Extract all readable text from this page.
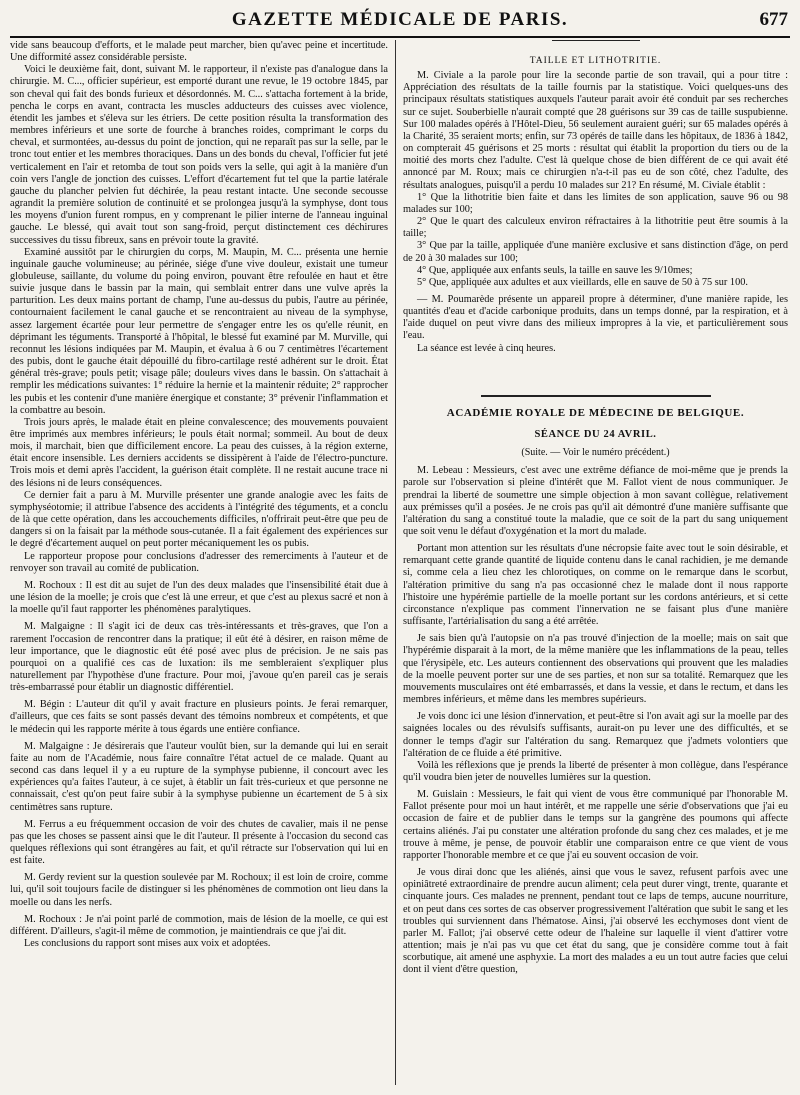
GAZETTE MÉDICALE DE PARIS.	677

vide sans beaucoup d'efforts, et le malade peut marcher, bien qu'avec peine et incertitude. Une difformité assez considérable persiste.

Voici le deuxième fait, dont, suivant M. le rapporteur, il n'existe pas d'analogue dans la chirurgie. M. C..., officier supérieur, est emporté durant une revue, le 19 octobre 1845, par son cheval qui fait des bonds furieux et désordonnés. M. C... s'attacha fortement à la bride, pencha le corps en avant, contracta les muscles adducteurs des cuisses avec violence, étendit les jambes et s'éleva sur les étriers. De cette position résulta la transformation des membres inférieurs et une sorte de fourche à branches roides, comprimant le corps du cheval, et surmontées, au-dessus du point de jonction, qui ne reparaît pas sur la selle, par le tronc tout entier et les membres thoraciques. Dans un des bonds du cheval, l'officier fut jeté verticalement en l'air et retomba de tout son poids vers la selle, qui agit à la manière d'un coin vers l'angle de jonction des cuisses. L'effort d'écartement fut tel que la partie latérale gauche du plancher pelvien fut déchirée, la peau restant intacte. Une seconde secousse agrandit la première solution de continuité et se prolongea jusqu'à la symphyse, dont tous les moyens d'union furent rompus, en y comprenant le pilier interne de l'anneau inguinal gauche. Le blessé, qui avait tout son sang-froid, perçut distinctement ces déchirures successives du tissu fibreux, sans en prévoir toute la gravité.

Examiné aussitôt par le chirurgien du corps, M. Maupin, M. C... présenta une hernie inguinale gauche volumineuse; au périnée, siége d'une vive douleur, existait une tumeur globuleuse, saillante, du volume du poing environ, pouvant être refoulée en haut et être suivie jusque dans le bassin par la main, qui semblait entrer dans une vulve après la parturition. Les deux mains portant de champ, l'une au-dessus du pubis, l'autre au périnée, contournaient facilement le canal gauche et se rencontraient au niveau de la symphyse, assez largement écartée pour leur permettre de s'engager entre les os qu'elle réunit, en déprimant les téguments. Transporté à l'hôpital, le blessé fut examiné par M. Murville, qui reconnut les lésions indiquées par M. Maupin, et évalua à 6 ou 7 centimètres l'écartement des pubis, dont le gauche était dépouillé du fibro-cartilage resté adhérent sur le droit. État général très-grave; pouls petit; visage pâle; douleurs vives dans le bassin. On s'attachait à remplir les médications suivantes: 1° réduire la hernie et la maintenir réduite; 2° rapprocher les pubis et les contenir d'une manière énergique et constante; 3° prévenir l'inflammation et la combattre au besoin.

Trois jours après, le malade était en pleine convalescence; des mouvements pouvaient être imprimés aux membres inférieurs; le pouls était normal; sommeil. Au bout de deux mois, il marchait, bien que difficilement encore. La peau des cuisses, à la région externe, était encore insensible. Les derniers accidents se dissipèrent à l'aide de l'électro-puncture. Trois mois et demi après l'accident, la guérison était complète. Il ne restait aucune trace ni des lésions ni de leurs conséquences.

Ce dernier fait a paru à M. Murville présenter une grande analogie avec les faits de symphyséotomie; il attribue l'absence des accidents à l'intégrité des téguments, et a conclu de là que cette opération, dans les accouchements difficiles, n'offrirait peut-être que peu de dangers si on la faisait par la méthode sous-cutanée. Il a fait également des expériences sur le degré d'écartement auquel on peut porter mécaniquement les os pubis.

Le rapporteur propose pour conclusions d'adresser des remerciments à l'auteur et de renvoyer son travail au comité de publication.

M. Rochoux : Il est dit au sujet de l'un des deux malades que l'insensibilité était due à une lésion de la moelle; je crois que c'est là une erreur, et que c'est au plexus sacré et non à la moelle qu'il faut rapporter les phénomènes paralytiques.

M. Malgaigne : Il s'agit ici de deux cas très-intéressants et très-graves, que l'on a rarement l'occasion de rencontrer dans la pratique; il eût été à désirer, en raison même de leur importance, que le diagnostic eût été posé avec plus de précision. Je ne sais pas pourquoi on a qualifié ces cas de luxation: ils me sembleraient s'expliquer plus naturellement par l'hypothèse d'une fracture. Pour moi, j'avoue qu'en pareil cas je serais très-embarrassé pour établir un diagnostic différentiel.

M. Bégin : L'auteur dit qu'il y avait fracture en plusieurs points. Je ferai remarquer, d'ailleurs, que ces faits se sont passés devant des témoins nombreux et compétents, et que le médecin qui les rapporte mérite à tous égards une entière confiance.

M. Malgaigne : Je désirerais que l'auteur voulût bien, sur la demande qui lui en serait faite au nom de l'Académie, nous faire connaître l'état actuel de ce malade. Quant au second cas dans lequel il y a eu rupture de la symphyse pubienne, il concourt avec les expériences qu'a faites l'auteur, à ce sujet, à établir un fait très-curieux et que personne ne connaissait, c'est qu'on peut faire subir à la symphyse pubienne un écartement de 5 à six centimètres sans rupture.

M. Ferrus a eu fréquemment occasion de voir des chutes de cavalier, mais il ne pense pas que les choses se passent ainsi que le dit l'auteur. Il présente à l'occasion du second cas quelques réflexions qui sont étrangères au fait, et qu'il rétracte sur l'observation qui lui en est faite.

M. Gerdy revient sur la question soulevée par M. Rochoux; il est loin de croire, comme lui, qu'il soit toujours facile de distinguer si les phénomènes de commotion ont lieu dans la moelle ou dans les nerfs.

M. Rochoux : Je n'ai point parlé de commotion, mais de lésion de la moelle, ce qui est différent. D'ailleurs, s'agit-il même de commotion, je maintiendrais ce que j'ai dit.

Les conclusions du rapport sont mises aux voix et adoptées.

TAILLE ET LITHOTRITIE.

M. Civiale a la parole pour lire la seconde partie de son travail, qui a pour titre : Appréciation des résultats de la taille fournis par la statistique. Voici quelques-uns des principaux résultats statistiques auxquels l'auteur parait avoir été conduit par ses recherches sur ce sujet. Souberbielle n'aurait compté que 28 guérisons sur 39 cas de taille suspubienne. Sur 100 malades opérés à l'Hôtel-Dieu, 56 seulement auraient guéri; sur 65 malades opérés à la Charité, 35 seraient morts; enfin, sur 73 opérés de taille dans les hôpitaux, de 1836 à 1842, on compterait 45 guérisons et 25 morts : résultat qui établit la proportion du tiers ou de la moitié des morts chez l'adulte. C'est là quelque chose de bien différent de ce qui avait été annoncé par M. Roux; mais ce chirurgien n'a-t-il pas eu de son côté, chez l'adulte, des résultats analogues, puisqu'il a perdu 10 malades sur 21? En résumé, M. Civiale établit :

1° Que la lithotritie bien faite et dans les limites de son application, sauve 96 ou 98 malades sur 100;

2° Que le quart des calculeux environ réfractaires à la lithotritie peut être soumis à la taille;

3° Que par la taille, appliquée d'une manière exclusive et sans distinction d'âge, on perd de 20 à 30 malades sur 100;

4° Que, appliquée aux enfants seuls, la taille en sauve les 9/10mes;

5° Que, appliquée aux adultes et aux vieillards, elle en sauve de 50 à 75 sur 100.

— M. Poumarède présente un appareil propre à déterminer, d'une manière rapide, les quantités d'eau et d'acide carbonique produits, dans un temps donné, par la respiration, et à l'aide duquel on peut vivre dans des milieux impropres à la vie, et particulièrement sous l'eau.

La séance est levée à cinq heures.

ACADÉMIE ROYALE DE MÉDECINE DE BELGIQUE.
SÉANCE DU 24 AVRIL.
(Suite. — Voir le numéro précédent.)

M. Lebeau : Messieurs, c'est avec une extrême défiance de moi-même que je prends la parole sur l'observation si pleine d'intérêt que M. Fallot vient de nous communiquer. Je prendrai la liberté de soumettre une simple objection à mon savant collègue, relativement aux prémisses qu'il a posées. Je ne crois pas qu'il ait démontré d'une manière suffisante que l'altération du sang a constitué toute la maladie, que ce soit de la part du sang uniquement que soit venu le défaut d'oxygénation et la mort du malade.

Portant mon attention sur les résultats d'une nécropsie faite avec tout le soin désirable, et remarquant cette grande quantité de liquide contenu dans le canal rachidien, je me demande si, comme cela a lieu chez les chlorotiques, on comme on le remarque dans le scorbut, l'altération primitive du sang n'a pas occasionné chez le malade dont il nous rapporte l'histoire une hypérémie partielle de la moelle portant sur les cordons antérieurs, et si cette circonstance n'explique pas comment l'innervation ne se faisant plus d'une manière suffisante, l'artérialisation du sang a été arrêtée.

Je sais bien qu'à l'autopsie on n'a pas trouvé d'injection de la moelle; mais on sait que l'hypérémie disparait à la mort, de la même manière que les inflammations de la peau, telles que l'érysipèle, etc. Les auteurs contiennent des observations qui prouvent que les maladies de la moelle peuvent porter sur une de ses parties, et non sur sa totalité. Remarquez que les mouvements musculaires ont été embarrassés, et dans la vessie, et dans le rectum, et dans les membres inférieurs, et même dans les membres supérieurs.

Je vois donc ici une lésion d'innervation, et peut-être si l'on avait agi sur la moelle par des saignées locales ou des révulsifs suffisants, aurait-on pu lever une des difficultés, et se donner le temps d'agir sur l'altération du sang. Remarquez que j'admets volontiers que l'altération de ce fluide a été primitive.

Voilà les réflexions que je prends la liberté de présenter à mon collègue, dans l'espérance qu'il voudra bien jeter de nouvelles lumières sur la question.

M. Guislain : Messieurs, le fait qui vient de vous être communiqué par l'honorable M. Fallot présente pour moi un haut intérêt, et me rappelle une série d'observations que j'ai eu occasion de faire et de publier dans le temps sur la gangrène des poumons qui affecte certains aliénés. J'ai pu constater une altération profonde du sang chez ces malades, et je me trouve à même, je pense, de pouvoir établir une comparaison entre ce que vient de vous rapporter l'honorable membre et ce que j'ai eu souvent occasion de voir.

Je vous dirai donc que les aliénés, ainsi que vous le savez, refusent parfois avec une opiniâtreté extraordinaire de prendre aucun aliment; cela peut durer vingt, trente, quarante et cinquante jours. Ces malades ne prennent, pendant tout ce laps de temps, aucune nourriture, et on peut dans ces sortes de cas observer progressivement l'altération que subit le sang et les troubles qui surviennent dans l'hématose. Ainsi, j'ai observé les ecchymoses dont vient de parler M. Fallot; j'ai observé cette odeur de l'haleine sur laquelle il vient d'attirer votre attention; mais je n'ai pas vu que cet état du sang, que je considère comme tout à fait scorbutique, ait amené une asphyxie. La mort des malades a eu un tout autre facies que celui dont il vient d'être question,
